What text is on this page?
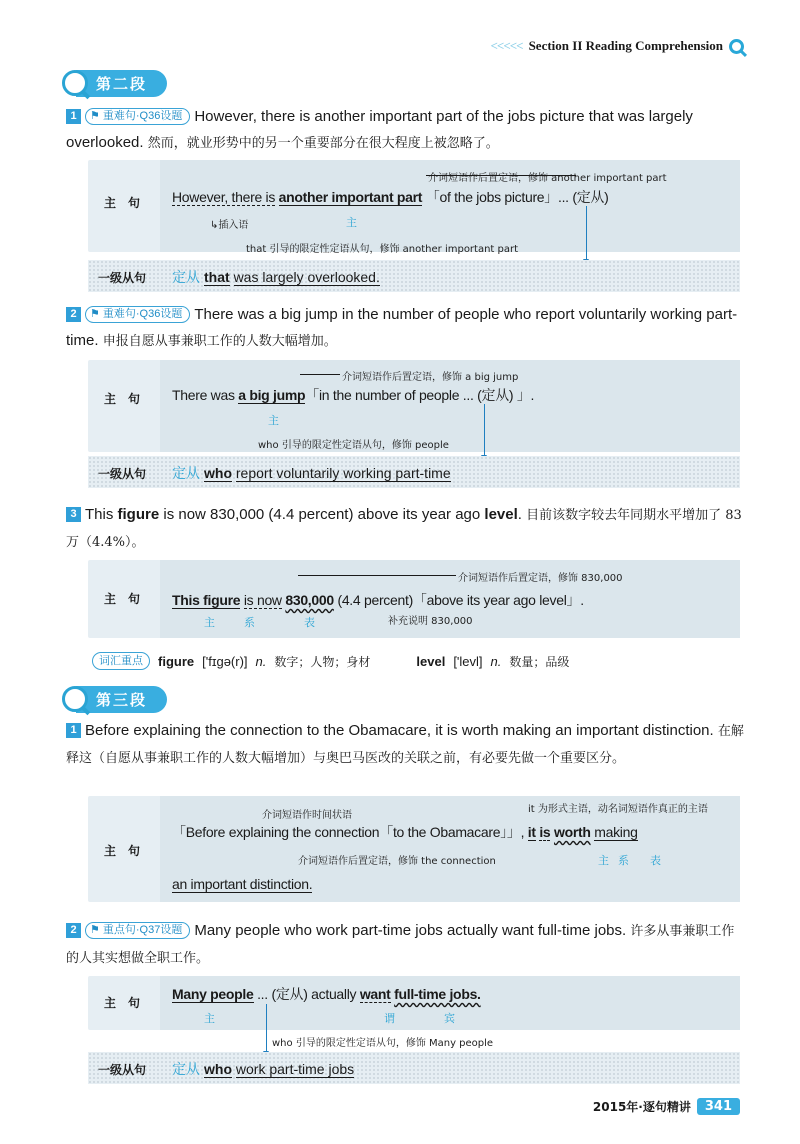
<<<<< Section II Reading Comprehension
第二段
1 ⚑ 重难句·Q36设题 However, there is another important part of the jobs picture that was largely overlooked. 然而，就业形势中的另一个重要部分在很大程度上被忽略了。
主　句
介词短语作后置定语，修饰 another important part
However, there is another important part 「of the jobs picture」... (定从)
↳插入语	主
that 引导的限定性定语从句，修饰 another important part
一级从句	定从 that was largely overlooked.
2 ⚑ 重难句·Q36设题 There was a big jump in the number of people who report voluntarily working part-time. 申报自愿从事兼职工作的人数大幅增加。
主　句
介词短语作后置定语，修饰 a big jump
There was a big jump「in the number of people ... (定从) 」.
主
who 引导的限定性定语从句，修饰 people
一级从句	定从 who report voluntarily working part-time
3 This figure is now 830,000 (4.4 percent) above its year ago level. 目前该数字较去年同期水平增加了 83 万（4.4%）。
主　句
介词短语作后置定语，修饰 830,000
This figure is now 830,000 (4.4 percent)「above its year ago level」.
主	系	表	补充说明 830,000
词汇重点	figure ['fɪɡə(r)] n. 数字；人物；身材	level ['levl] n. 数量；品级
第三段
1 Before explaining the connection to the Obamacare, it is worth making an important distinction. 在解释这（自愿从事兼职工作的人数大幅增加）与奥巴马医改的关联之前，有必要先做一个重要区分。
主　句
介词短语作时间状语
it 为形式主语，动名词短语作真正的主语
「Before explaining the connection「to the Obamacare」」, it is worth making
介词短语作后置定语，修饰 the connection	主 系 表
an important distinction.
2 ⚑ 重点句·Q37设题 Many people who work part-time jobs actually want full-time jobs. 许多从事兼职工作的人其实想做全职工作。
主　句
Many people ... (定从) actually want full-time jobs.
主	谓	宾
who 引导的限定性定语从句，修饰 Many people
一级从句	定从 who work part-time jobs
2015年·逐句精讲	341
